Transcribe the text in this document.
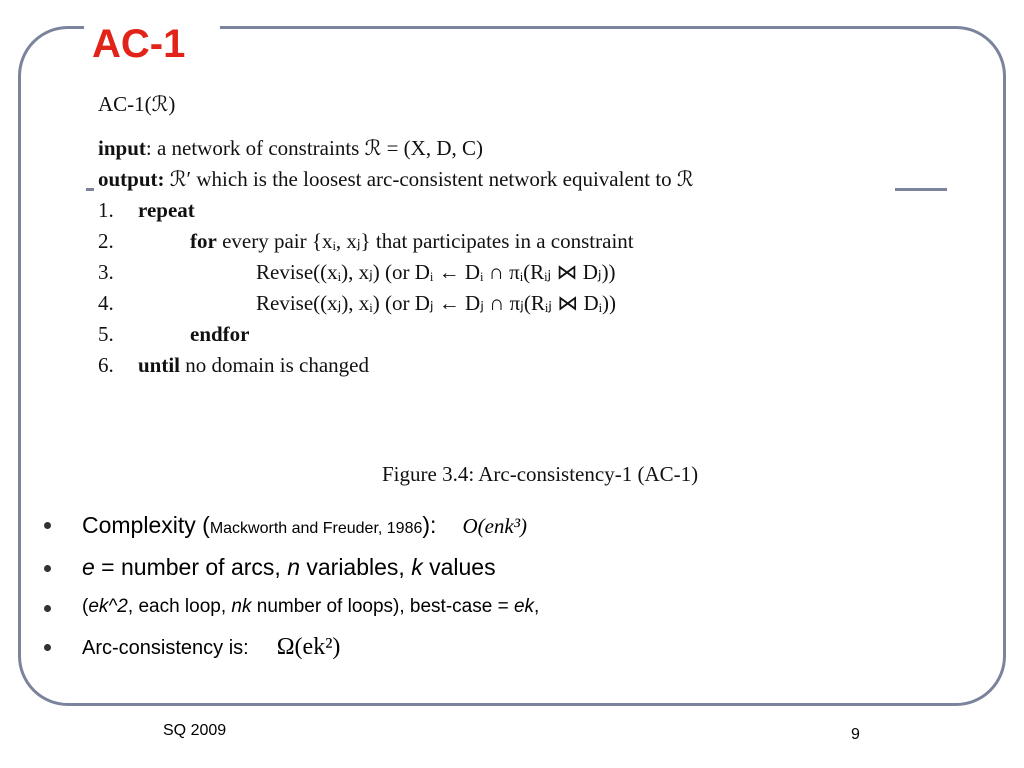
AC-1
AC-1(ℛ)
input: a network of constraints ℛ = (X, D, C)
output: ℛ′ which is the loosest arc-consistent network equivalent to ℛ
1. repeat
2.	for every pair {xᵢ, xⱼ} that participates in a constraint
3.	Revise((xᵢ), xⱼ) (or Dᵢ ← Dᵢ ∩ πᵢ(Rᵢⱼ ⋈ Dⱼ))
4.	Revise((xⱼ), xᵢ) (or Dⱼ ← Dⱼ ∩ πⱼ(Rᵢⱼ ⋈ Dᵢ))
5.	endfor
6. until no domain is changed
Figure 3.4: Arc-consistency-1 (AC-1)
Complexity (Mackworth and Freuder, 1986): O(enk³)
e = number of arcs, n variables, k values
(ek^2, each loop, nk number of loops), best-case = ek,
Arc-consistency is: Ω(ek²)
SQ 2009	9
